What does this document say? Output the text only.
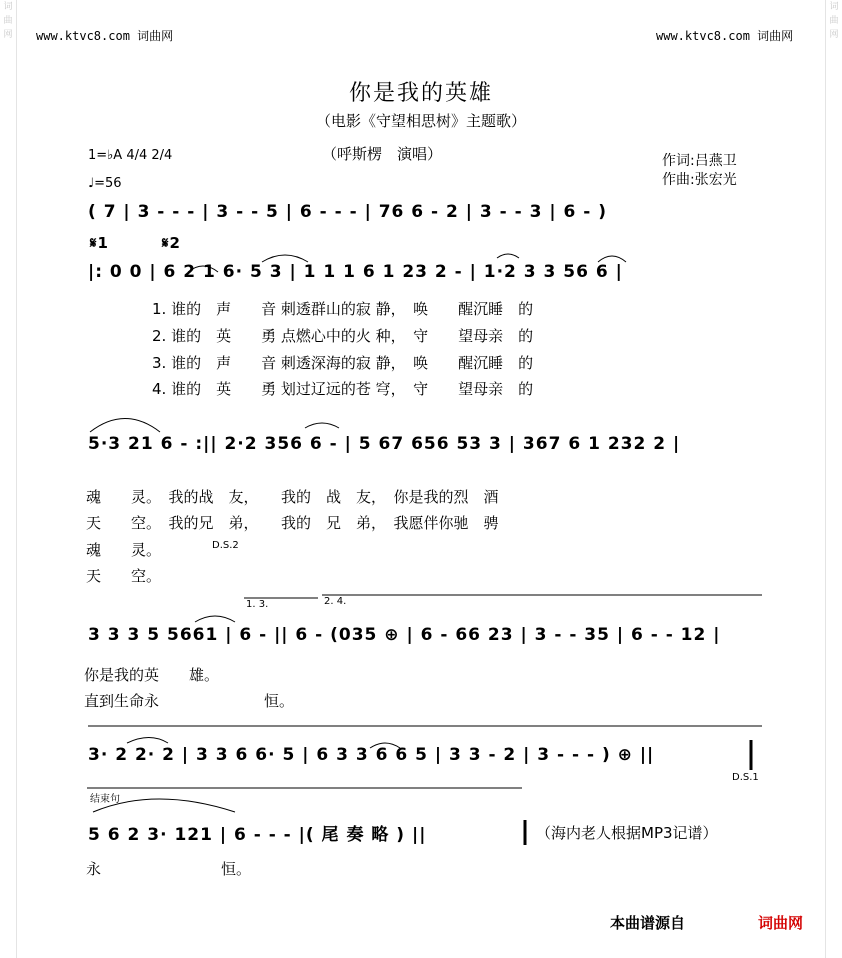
词
曲
网
词
曲
网
www.ktvc8.com 词曲网	www.ktvc8.com 词曲网
你是我的英雄
（电影《守望相思树》主题歌）
（呼斯楞　演唱）	作词:吕燕卫
作曲:张宏光
1=♭A 4/4 2/4
♩=56
( 7 | 3 - - - | 3 - - 5 | 6 - - - | 76 6 - 2 | 3 - - 3 | 6 - )
𝄋1	𝄋2
|: 0 0 | 6 2 1 6· 5 3 | 1 1 1 6 1 23 2 - | 1·2 3 3 56 6 |
1. 谁的　声　　音 刺透群山的寂 静，　唤　　醒沉睡　的
2. 谁的　英　　勇 点燃心中的火 种，　守　　望母亲　的
3. 谁的　声　　音 刺透深海的寂 静，　唤　　醒沉睡　的
4. 谁的　英　　勇 划过辽远的苍 穹，　守　　望母亲　的
5·3 21 6 - :|| 2·2 356 6 - | 5 67 656 53 3 | 367 6 1 232 2 |
魂　　灵。　我的战　友，　　我的　战　友，　你是我的烈　酒
天　　空。　我的兄　弟，　　我的　兄　弟，　我愿伴你驰　骋
魂　　灵。	D.S.2
天　　空。
1. 3.	2. 4.
3 3 3 5 5661 | 6 - || 6 - (035 ⊕ | 6 - 66 23 | 3 - - 35 | 6 - - 12 |
你是我的英　　雄。
直到生命永　　　　　　　恒。
3· 2 2· 2 | 3 3 6 6· 5 | 6 3 3 6 6 5 | 3 3 - 2 | 3 - - - ) ⊕ ||
D.S.1
结束句
5 6 2 3· 121 | 6 - - - |( 尾 奏 略 ) ||	（海内老人根据MP3记谱）
永　　　　　　　　恒。
本曲谱源自	词曲网
